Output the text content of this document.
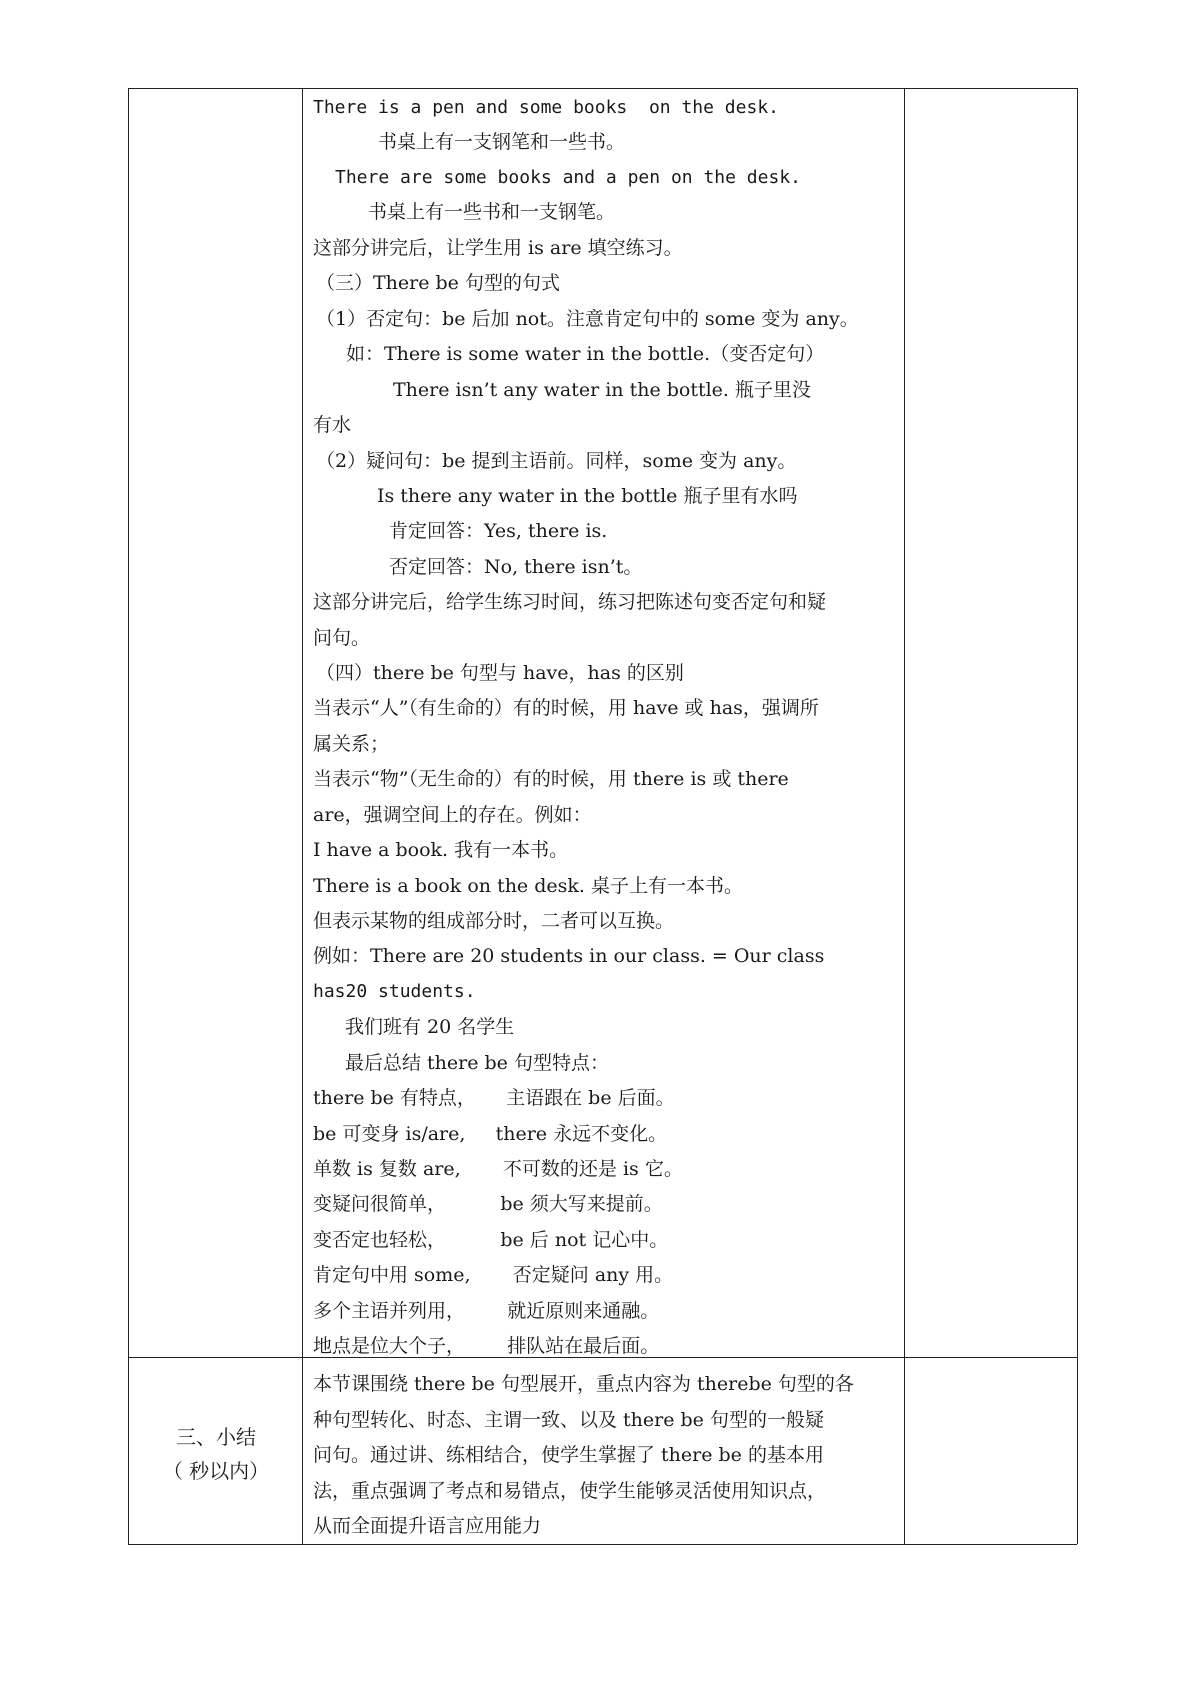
There is a pen and some books  on the desk.
书桌上有一支钢笔和一些书。
There are some books and a pen on the desk.
书桌上有一些书和一支钢笔。
这部分讲完后，让学生用 is are 填空练习。
（三）There be 句型的句式
（1）否定句：be 后加 not。注意肯定句中的 some 变为 any。
如：There is some water in the bottle.（变否定句）
There isn’t any water in the bottle. 瓶子里没
有水
（2）疑问句：be 提到主语前。同样，some 变为 any。
Is there any water in the bottle 瓶子里有水吗
肯定回答：Yes, there is.
否定回答：No, there isn’t。
这部分讲完后，给学生练习时间，练习把陈述句变否定句和疑
问句。
（四）there be 句型与 have，has 的区别
当表示“人”（有生命的）有的时候，用 have 或 has，强调所
属关系；
当表示“物”（无生命的）有的时候，用 there is 或 there
are，强调空间上的存在。例如：
I have a book. 我有一本书。
There is a book on the desk. 桌子上有一本书。
但表示某物的组成部分时，二者可以互换。
例如：There are 20 students in our class. = Our class
has20 students.
我们班有 20 名学生
最后总结 there be 句型特点：
there be 有特点，     主语跟在 be 后面。
be 可变身 is/are,     there 永远不变化。
单数 is 复数 are,       不可数的还是 is 它。
变疑问很简单，         be 须大写来提前。
变否定也轻松，         be 后 not 记心中。
肯定句中用 some,       否定疑问 any 用。
多个主语并列用，       就近原则来通融。
地点是位大个子，       排队站在最后面。
三、小结
（ 秒以内）
本节课围绕 there be 句型展开，重点内容为 therebe 句型的各
种句型转化、时态、主谓一致、以及 there be 句型的一般疑
问句。通过讲、练相结合，使学生掌握了 there be 的基本用
法，重点强调了考点和易错点，使学生能够灵活使用知识点，
从而全面提升语言应用能力
